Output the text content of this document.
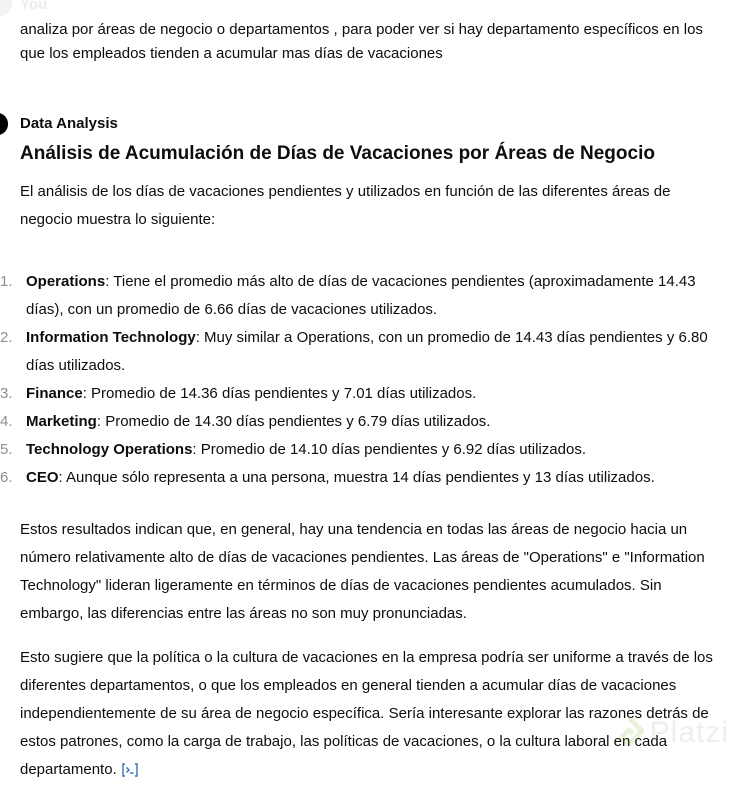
You
analiza por áreas de negocio o departamentos , para poder ver si hay departamento específicos en los que los empleados tienden a acumular mas días de vacaciones
Data Analysis
Análisis de Acumulación de Días de Vacaciones por Áreas de Negocio

El análisis de los días de vacaciones pendientes y utilizados en función de las diferentes áreas de negocio muestra lo siguiente:

1. Operations: Tiene el promedio más alto de días de vacaciones pendientes (aproximadamente 14.43 días), con un promedio de 6.66 días de vacaciones utilizados.
2. Information Technology: Muy similar a Operations, con un promedio de 14.43 días pendientes y 6.80 días utilizados.
3. Finance: Promedio de 14.36 días pendientes y 7.01 días utilizados.
4. Marketing: Promedio de 14.30 días pendientes y 6.79 días utilizados.
5. Technology Operations: Promedio de 14.10 días pendientes y 6.92 días utilizados.
6. CEO: Aunque sólo representa a una persona, muestra 14 días pendientes y 13 días utilizados.

Estos resultados indican que, en general, hay una tendencia en todas las áreas de negocio hacia un número relativamente alto de días de vacaciones pendientes. Las áreas de "Operations" e "Information Technology" lideran ligeramente en términos de días de vacaciones pendientes acumulados. Sin embargo, las diferencias entre las áreas no son muy pronunciadas.

Esto sugiere que la política o la cultura de vacaciones en la empresa podría ser uniforme a través de los diferentes departamentos, o que los empleados en general tienden a acumular días de vacaciones independientemente de su área de negocio específica. Sería interesante explorar las razones detrás de estos patrones, como la carga de trabajo, las políticas de vacaciones, o la cultura laboral en cada departamento.

Platzi
